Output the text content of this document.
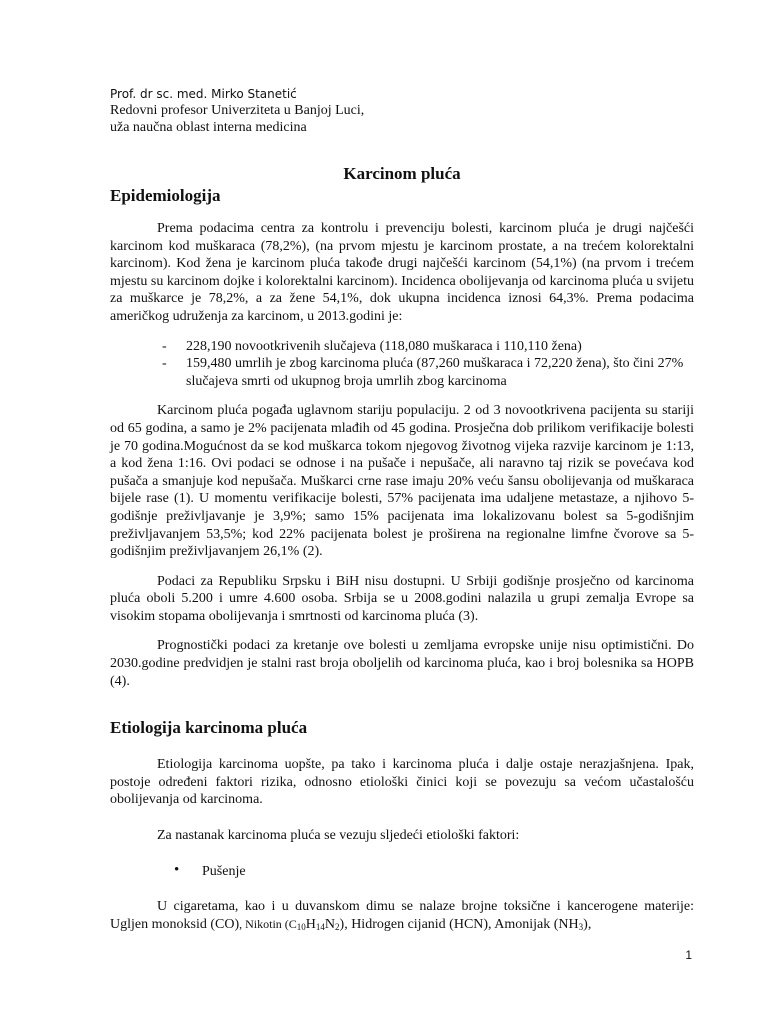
Prof. dr sc. med. Mirko Stanetić
Redovni profesor Univerziteta u Banjoj Luci,
uža naučna oblast interna medicina
Karcinom pluća
Epidemiologija

Prema podacima centra za kontrolu i prevenciju bolesti, karcinom pluća je drugi najčešći karcinom kod muškaraca (78,2%), (na prvom mjestu je karcinom prostate, a na trećem kolorektalni karcinom). Kod žena je karcinom pluća takođe drugi najčešći karcinom (54,1%) (na prvom i trećem mjestu su karcinom dojke i kolorektalni karcinom). Incidenca obolijevanja od karcinoma pluća u svijetu za muškarce je 78,2%, a za žene 54,1%, dok ukupna incidenca iznosi 64,3%. Prema podacima američkog udruženja za karcinom, u 2013.godini je:

- 228,190 novootkrivenih slučajeva (118,080 muškaraca i 110,110 žena)
- 159,480 umrlih je zbog karcinoma pluća (87,260 muškaraca i 72,220 žena), što čini 27% slučajeva smrti od ukupnog broja umrlih zbog karcinoma

Karcinom pluća pogađa uglavnom stariju populaciju. 2 od 3 novootkrivena pacijenta su stariji od 65 godina, a samo je 2% pacijenata mlađih od 45 godina. Prosječna dob prilikom verifikacije bolesti je 70 godina.Mogućnost da se kod muškarca tokom njegovog životnog vijeka razvije karcinom je 1:13, a kod žena 1:16. Ovi podaci se odnose i na pušače i nepušače, ali naravno taj rizik se povećava kod pušača a smanjuje kod nepušača. Muškarci crne rase imaju 20% veću šansu obolijevanja od muškaraca bijele rase (1). U momentu verifikacije bolesti, 57% pacijenata ima udaljene metastaze, a njihovo 5-godišnje preživljavanje je 3,9%; samo 15% pacijenata ima lokalizovanu bolest sa 5-godišnjim preživljavanjem 53,5%; kod 22% pacijenata bolest je proširena na regionalne limfne čvorove sa 5-godišnjim preživljavanjem 26,1% (2).

Podaci za Republiku Srpsku i BiH nisu dostupni. U Srbiji godišnje prosječno od karcinoma pluća oboli 5.200 i umre 4.600 osoba. Srbija se u 2008.godini nalazila u grupi zemalja Evrope sa visokim stopama obolijevanja i smrtnosti od karcinoma pluća (3).

Prognostički podaci za kretanje ove bolesti u zemljama evropske unije nisu optimistični. Do 2030.godine predvidjen je stalni rast broja oboljelih od karcinoma pluća, kao i broj bolesnika sa HOPB (4).

Etiologija karcinoma pluća

Etiologija karcinoma uopšte, pa tako i karcinoma pluća i dalje ostaje nerazjašnjena. Ipak, postoje određeni faktori rizika, odnosno etiološki činici koji se povezuju sa većom učastalošću obolijevanja od karcinoma.

Za nastanak karcinoma pluća se vezuju sljedeći etiološki faktori:

• Pušenje

U cigaretama, kao i u duvanskom dimu se nalaze brojne toksične i kancerogene materije: Ugljen monoksid (CO), Nikotin $(C_{10}H_{14}N_2)$, Hidrogen cijanid (HCN), Amonijak $(NH_3)$,

1
